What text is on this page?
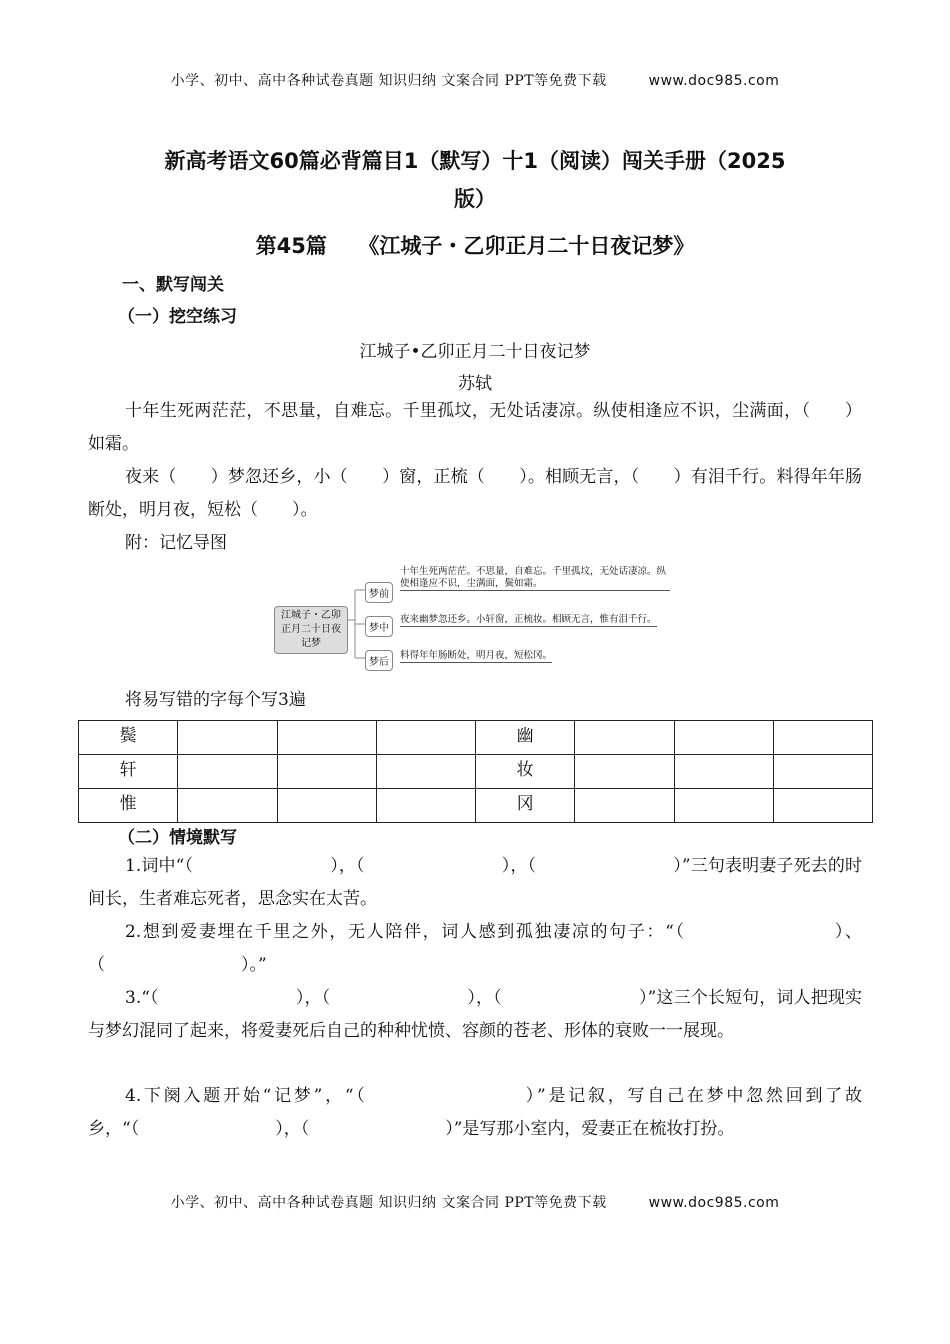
小学、初中、高中各种试卷真题 知识归纳 文案合同 PPT等免费下载	www.doc985.com
新高考语文60篇必背篇目1（默写）十1（阅读）闯关手册（2025
版）
第45篇　　《江城子・乙卯正月二十日夜记梦》
一、默写闯关
（一）挖空练习
江城子•乙卯正月二十日夜记梦
苏轼
十年生死两茫茫，不思量，自难忘。千里孤坟，无处话凄凉。纵使相逢应不识，尘满面，（　　）如霜。
夜来（　　）梦忽还乡，小（　　）窗，正梳（　　）。相顾无言，（　　）有泪千行。料得年年肠断处，明月夜，短松（　　）。
附：记忆导图
江城子・乙卯正月二十日夜记梦
梦前
梦中
梦后
十年生死两茫茫。不思量，自难忘。千里孤坟，无处话凄凉。纵使相逢应不识，尘满面，鬓如霜。
夜来幽梦忽还乡。小轩窗，正梳妆。相顾无言，惟有泪千行。
料得年年肠断处，明月夜，短松冈。
将易写错的字每个写3遍
鬓				幽			
轩				妆			
惟				冈			
（二）情境默写
1.词中“（　　　　　　　　），（　　　　　　　　），（　　　　　　　　）”三句表明妻子死去的时间长，生者难忘死者，思念实在太苦。
2.想到爱妻埋在千里之外，无人陪伴，词人感到孤独凄凉的句子：“（　　　　　　　　）、（　　　　　　　　）。”
3.“（　　　　　　　　），（　　　　　　　　），（　　　　　　　　）”这三个长短句，词人把现实与梦幻混同了起来，将爱妻死后自己的种种忧愤、容颜的苍老、形体的衰败一一展现。
4.下阕入题开始“记梦”，“（　　　　　　　　）”是记叙，写自己在梦中忽然回到了故乡，“（　　　　　　　　），（　　　　　　　　）”是写那小室内，爱妻正在梳妆打扮。
小学、初中、高中各种试卷真题 知识归纳 文案合同 PPT等免费下载	www.doc985.com
